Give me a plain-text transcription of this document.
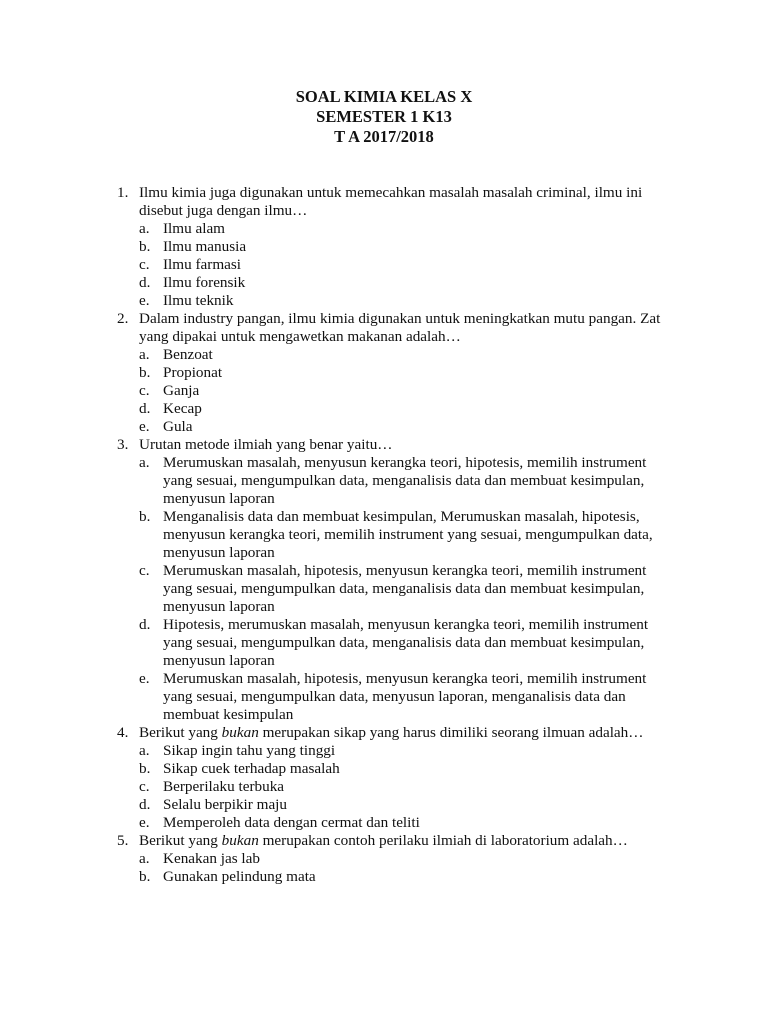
SOAL KIMIA KELAS X
SEMESTER 1 K13
T A 2017/2018
1. Ilmu kimia juga digunakan untuk memecahkan masalah masalah criminal, ilmu ini disebut juga dengan ilmu…
a. Ilmu alam
b. Ilmu manusia
c. Ilmu farmasi
d. Ilmu forensik
e. Ilmu teknik
2. Dalam industry pangan, ilmu kimia digunakan untuk meningkatkan mutu pangan. Zat yang dipakai untuk mengawetkan makanan adalah…
a. Benzoat
b. Propionat
c. Ganja
d. Kecap
e. Gula
3. Urutan metode ilmiah yang benar yaitu…
a. Merumuskan masalah, menyusun kerangka teori, hipotesis, memilih instrument yang sesuai, mengumpulkan data, menganalisis data dan membuat kesimpulan, menyusun laporan
b. Menganalisis data dan membuat kesimpulan, Merumuskan masalah, hipotesis, menyusun kerangka teori, memilih instrument yang sesuai, mengumpulkan data, menyusun laporan
c. Merumuskan masalah, hipotesis, menyusun kerangka teori, memilih instrument yang sesuai, mengumpulkan data, menganalisis data dan membuat kesimpulan, menyusun laporan
d. Hipotesis, merumuskan masalah, menyusun kerangka teori, memilih instrument yang sesuai, mengumpulkan data, menganalisis data dan membuat kesimpulan, menyusun laporan
e. Merumuskan masalah, hipotesis, menyusun kerangka teori, memilih instrument yang sesuai, mengumpulkan data, menyusun laporan, menganalisis data dan membuat kesimpulan
4. Berikut yang bukan merupakan sikap yang harus dimiliki seorang ilmuan adalah…
a. Sikap ingin tahu yang tinggi
b. Sikap cuek terhadap masalah
c. Berperilaku terbuka
d. Selalu berpikir maju
e. Memperoleh data dengan cermat dan teliti
5. Berikut yang bukan merupakan contoh perilaku ilmiah di laboratorium adalah…
a. Kenakan jas lab
b. Gunakan pelindung mata
